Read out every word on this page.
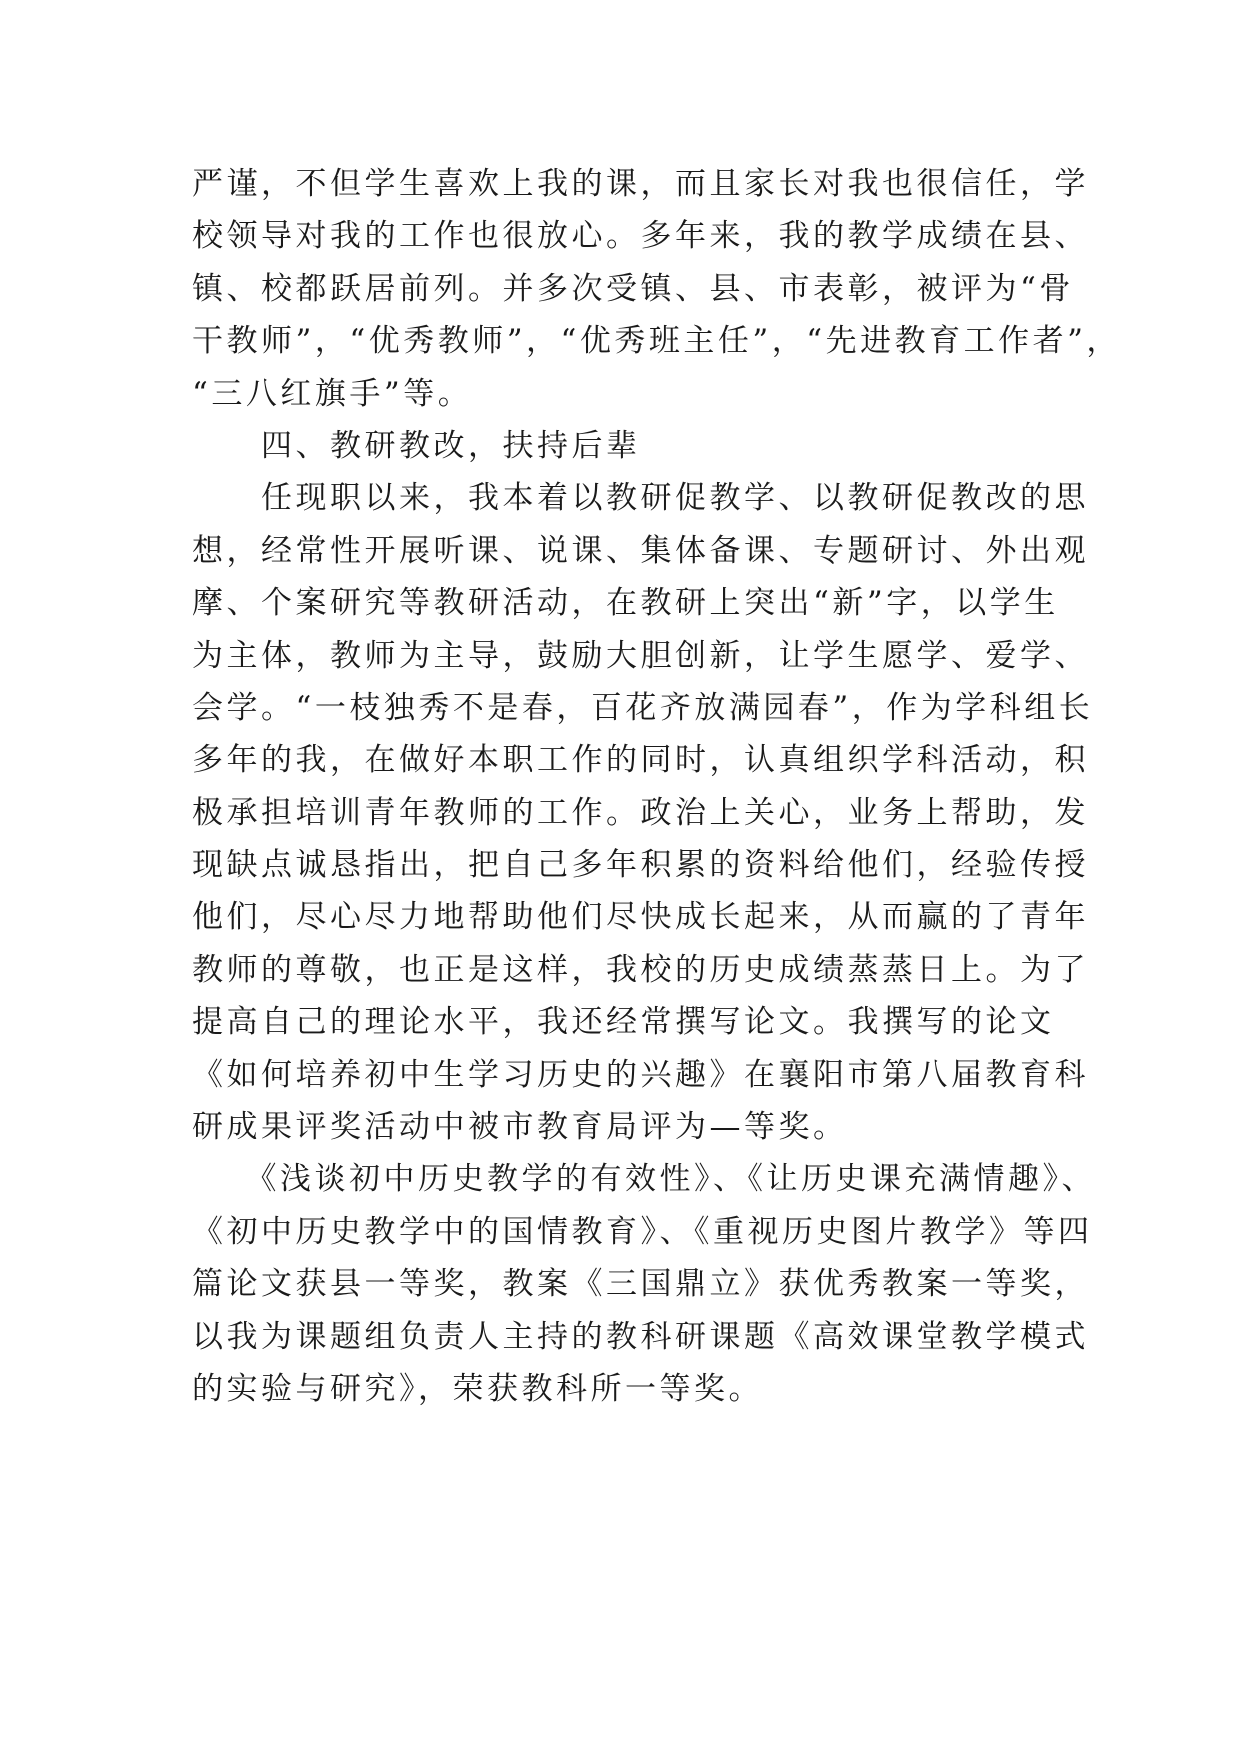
严谨，不但学生喜欢上我的课，而且家长对我也很信任，学
校领导对我的工作也很放心。多年来，我的教学成绩在县、
镇、校都跃居前列。并多次受镇、县、市表彰，被评为“骨
干教师”，“优秀教师”，“优秀班主任”，“先进教育工作者”，
“三八红旗手”等。
　　四、教研教改，扶持后辈
　　任现职以来，我本着以教研促教学、以教研促教改的思
想，经常性开展听课、说课、集体备课、专题研讨、外出观
摩、个案研究等教研活动，在教研上突出“新”字，以学生
为主体，教师为主导，鼓励大胆创新，让学生愿学、爱学、
会学。“一枝独秀不是春，百花齐放满园春”，作为学科组长
多年的我，在做好本职工作的同时，认真组织学科活动，积
极承担培训青年教师的工作。政治上关心，业务上帮助，发
现缺点诚恳指出，把自己多年积累的资料给他们，经验传授
他们，尽心尽力地帮助他们尽快成长起来，从而赢的了青年
教师的尊敬，也正是这样，我校的历史成绩蒸蒸日上。为了
提高自己的理论水平，我还经常撰写论文。我撰写的论文
《如何培养初中生学习历史的兴趣》在襄阳市第八届教育科
研成果评奖活动中被市教育局评为—等奖。
　　《浅谈初中历史教学的有效性》、《让历史课充满情趣》、
《初中历史教学中的国情教育》、《重视历史图片教学》等四
篇论文获县一等奖，教案《三国鼎立》获优秀教案一等奖，
以我为课题组负责人主持的教科研课题《高效课堂教学模式
的实验与研究》，荣获教科所一等奖。
